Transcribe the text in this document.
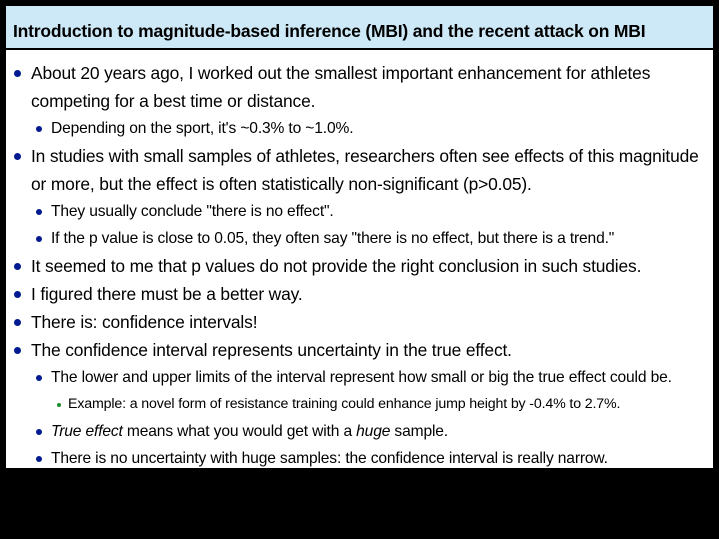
Introduction to magnitude-based inference (MBI) and the recent attack on MBI
About 20 years ago, I worked out the smallest important enhancement for athletes
competing for a best time or distance.
Depending on the sport, it's ~0.3% to ~1.0%.
In studies with small samples of athletes, researchers often see effects of this magnitude
or more, but the effect is often statistically non-significant (p>0.05).
They usually conclude "there is no effect".
If the p value is close to 0.05, they often say "there is no effect, but there is a trend."
It seemed to me that p values do not provide the right conclusion in such studies.
I figured there must be a better way.
There is: confidence intervals!
The confidence interval represents uncertainty in the true effect.
The lower and upper limits of the interval represent how small or big the true effect could be.
Example: a novel form of resistance training could enhance jump height by -0.4% to 2.7%.
True effect means what you would get with a huge sample.
There is no uncertainty with huge samples: the confidence interval is really narrow.
